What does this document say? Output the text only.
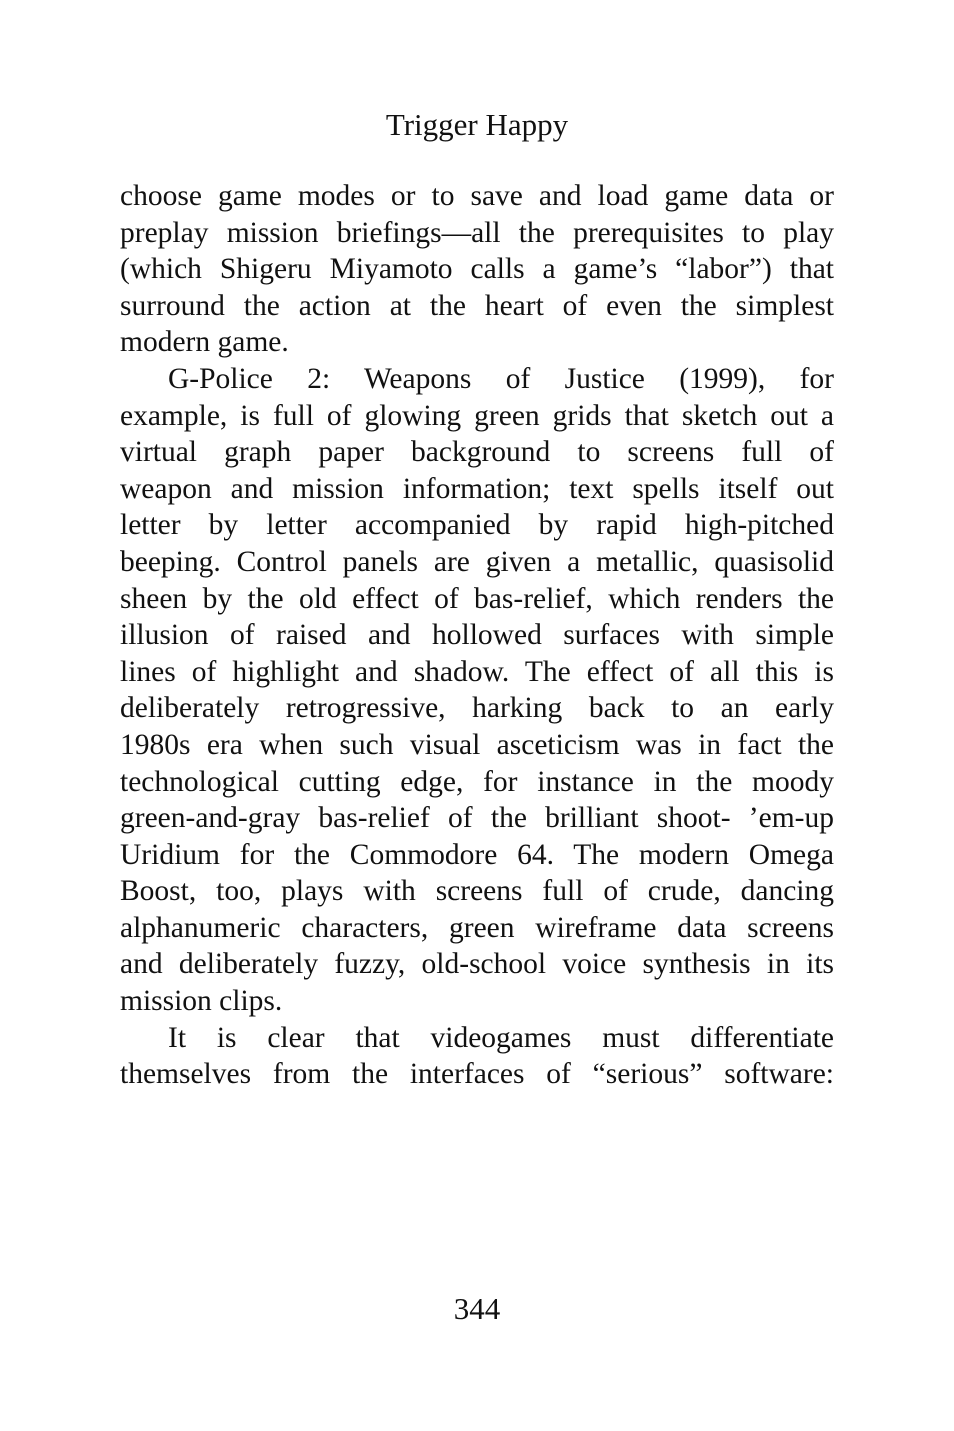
Trigger Happy

choose game modes or to save and load game data or
preplay mission briefings—all the prerequisites to play
(which Shigeru Miyamoto calls a game’s “labor”) that
surround the action at the heart of even the simplest
modern game.

G-Police 2: Weapons of Justice (1999), for
example, is full of glowing green grids that sketch out a
virtual graph paper background to screens full of
weapon and mission information; text spells itself out
letter by letter accompanied by rapid high-pitched
beeping. Control panels are given a metallic, quasisolid
sheen by the old effect of bas-relief, which renders the
illusion of raised and hollowed surfaces with simple
lines of highlight and shadow. The effect of all this is
deliberately retrogressive, harking back to an early
1980s era when such visual asceticism was in fact the
technological cutting edge, for instance in the moody
green-and-gray bas-relief of the brilliant shoot- ’em-up
Uridium for the Commodore 64. The modern Omega
Boost, too, plays with screens full of crude, dancing
alphanumeric characters, green wireframe data screens
and deliberately fuzzy, old-school voice synthesis in its
mission clips.

It is clear that videogames must differentiate
themselves from the interfaces of “serious” software:

344
